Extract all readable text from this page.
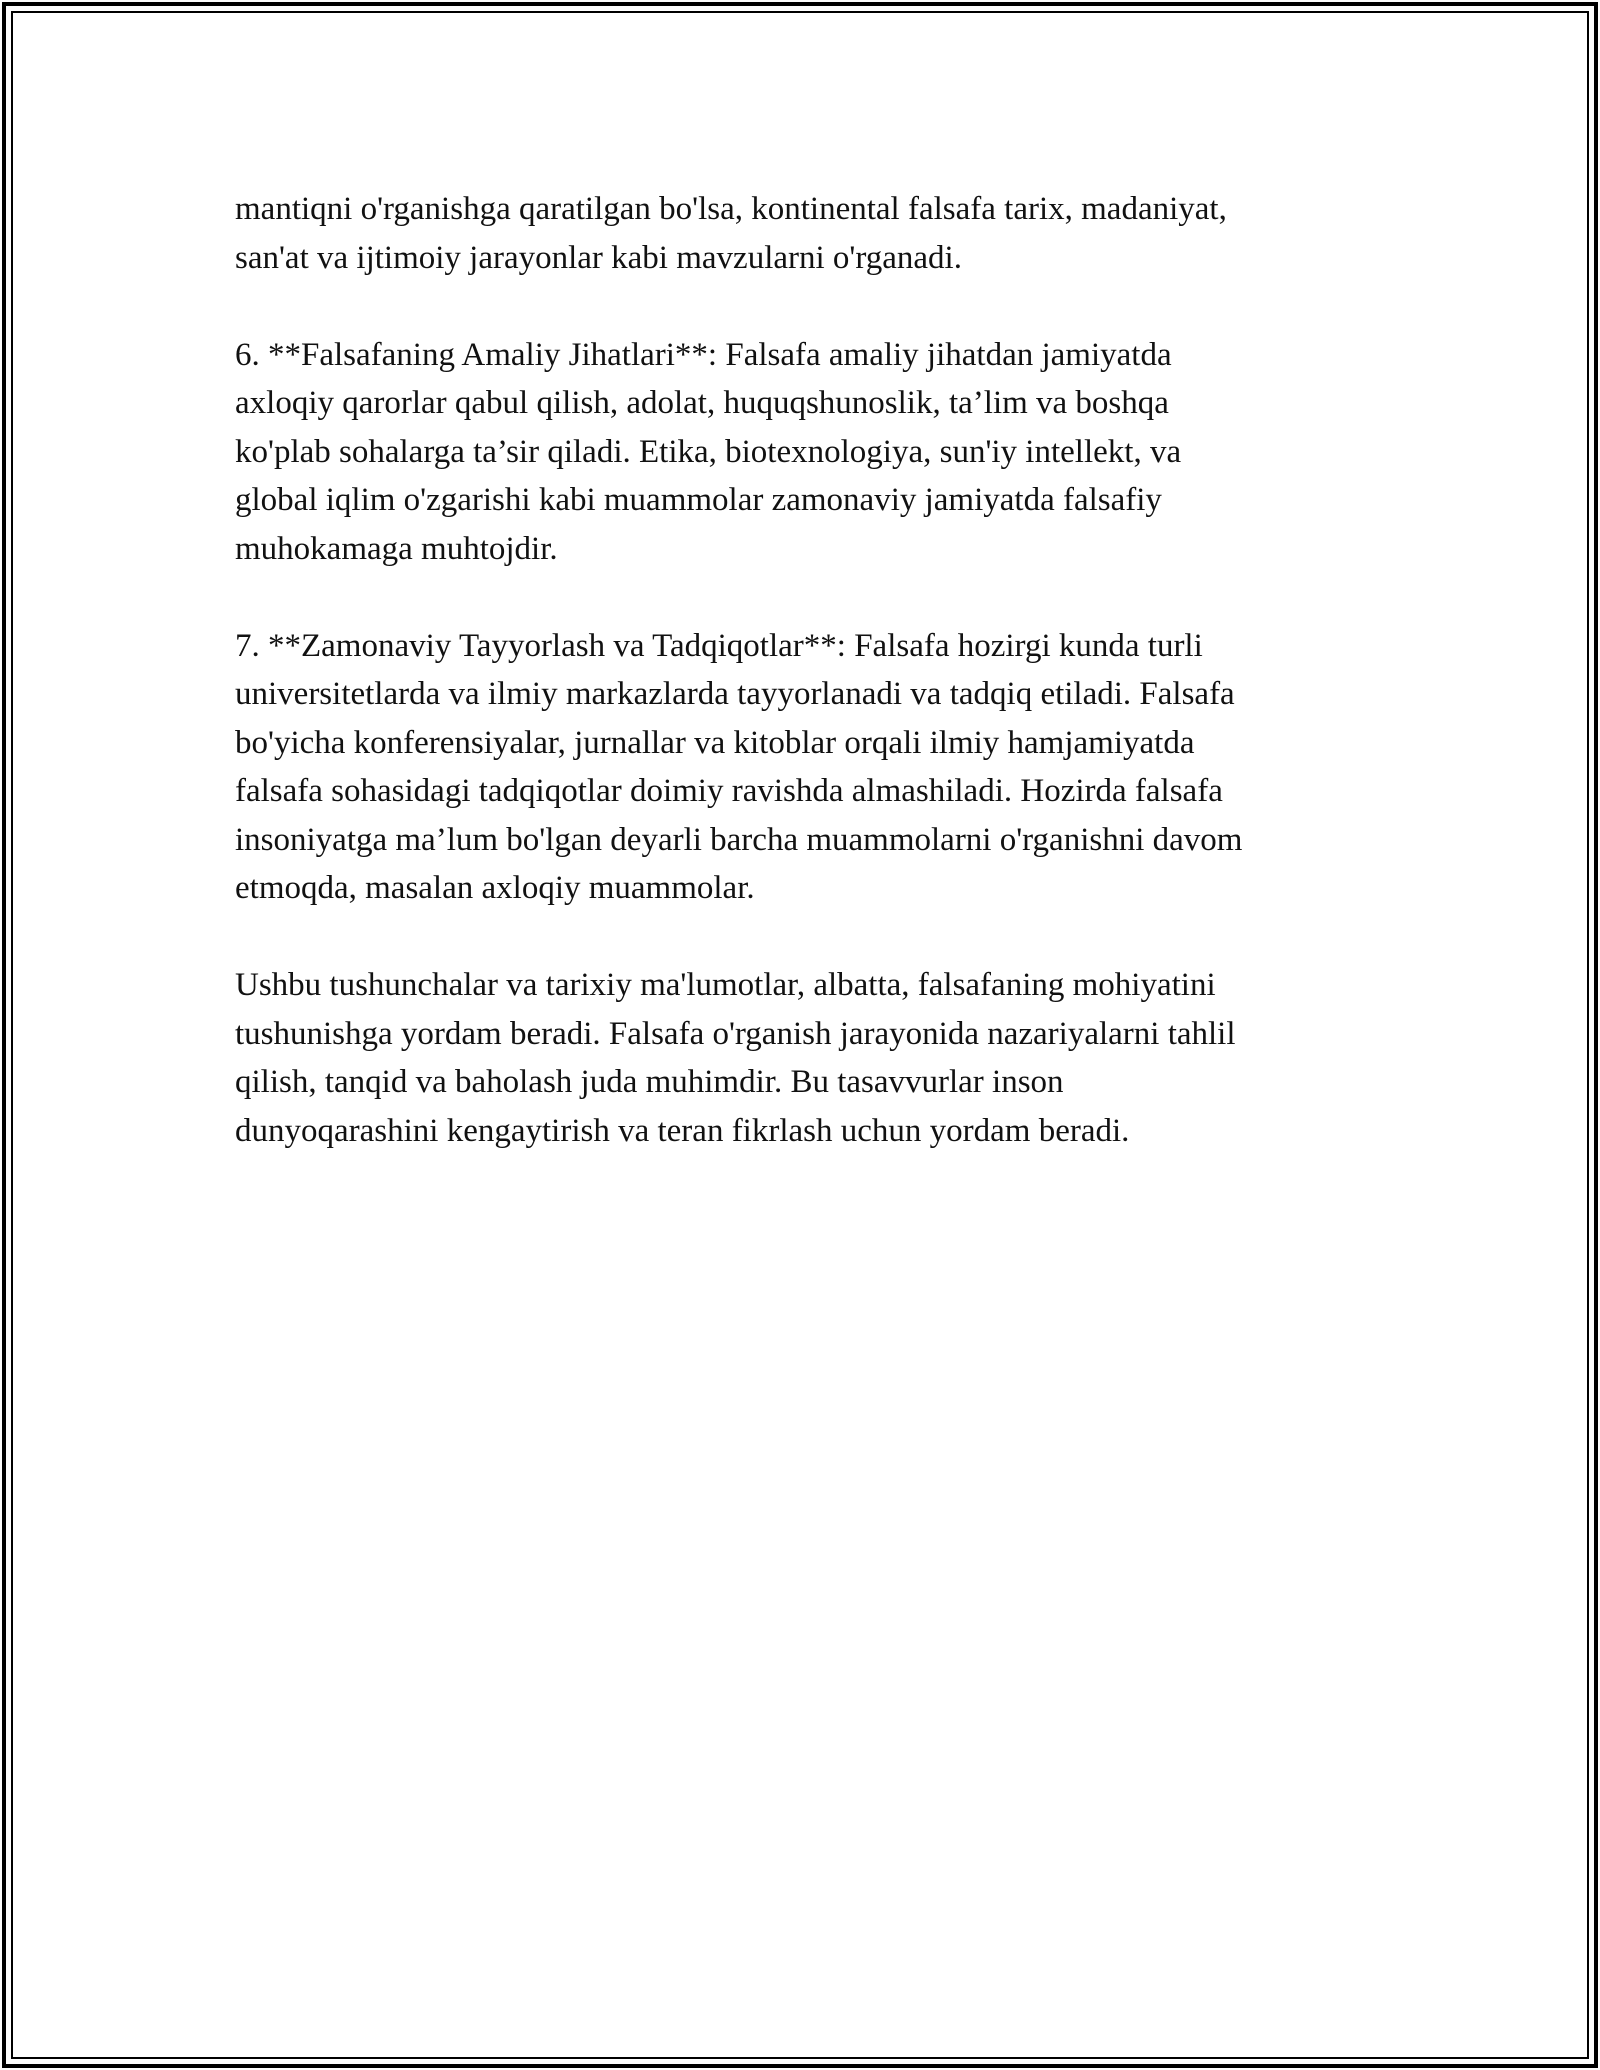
mantiqni o'rganishga qaratilgan bo'lsa, kontinental falsafa tarix, madaniyat,
san'at va ijtimoiy jarayonlar kabi mavzularni o'rganadi.

6. **Falsafaning Amaliy Jihatlari**: Falsafa amaliy jihatdan jamiyatda
axloqiy qarorlar qabul qilish, adolat, huquqshunoslik, ta’lim va boshqa
ko'plab sohalarga ta’sir qiladi. Etika, biotexnologiya, sun'iy intellekt, va
global iqlim o'zgarishi kabi muammolar zamonaviy jamiyatda falsafiy
muhokamaga muhtojdir.

7. **Zamonaviy Tayyorlash va Tadqiqotlar**: Falsafa hozirgi kunda turli
universitetlarda va ilmiy markazlarda tayyorlanadi va tadqiq etiladi. Falsafa
bo'yicha konferensiyalar, jurnallar va kitoblar orqali ilmiy hamjamiyatda
falsafa sohasidagi tadqiqotlar doimiy ravishda almashiladi. Hozirda falsafa
insoniyatga ma’lum bo'lgan deyarli barcha muammolarni o'rganishni davom
etmoqda, masalan axloqiy muammolar.

Ushbu tushunchalar va tarixiy ma'lumotlar, albatta, falsafaning mohiyatini
tushunishga yordam beradi. Falsafa o'rganish jarayonida nazariyalarni tahlil
qilish, tanqid va baholash juda muhimdir. Bu tasavvurlar inson
dunyoqarashini kengaytirish va teran fikrlash uchun yordam beradi.
